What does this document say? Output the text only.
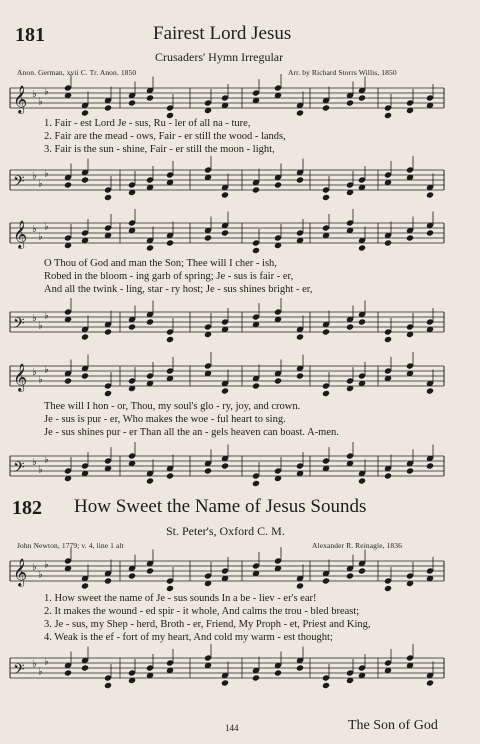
181	Fairest Lord Jesus
Crusaders' Hymn Irregular
Anon. German, xvii C. Tr. Anon. 1850	Arr. by Richard Storrs Willis, 1850
𝄞 ♭
♭
♭
1. Fair - est Lord Je - sus, Ru - ler of all na - ture,
2. Fair are the mead - ows, Fair - er still the wood - lands,
3. Fair is the sun - shine, Fair - er still the moon - light,
𝄢 ♭
♭
♭
𝄞 ♭
♭
♭
O Thou of God and man the Son; Thee will I cher - ish,
Robed in the bloom - ing garb of spring; Je - sus is fair - er,
And all the twink - ling, star - ry host; Je - sus shines bright - er,
𝄢 ♭
♭
♭
𝄞 ♭
♭
♭
Thee will I hon - or, Thou, my soul's glo - ry, joy, and crown.
Je - sus is pur - er, Who makes the woe - ful heart to sing.
Je - sus shines pur - er Than all the an - gels heaven can boast. A-men.
𝄢 ♭
♭
♭
182 How Sweet the Name of Jesus Sounds
St. Peter's, Oxford C. M.
John Newton, 1779; v. 4, line 1 alt	Alexander R. Reinagle, 1836
𝄞 ♭
♭
♭
1. How sweet the name of Je - sus sounds In a be - liev - er's ear!
2. It makes the wound - ed spir - it whole, And calms the trou - bled breast;
3. Je - sus, my Shep - herd, Broth - er, Friend, My Proph - et, Priest and King,
4. Weak is the ef - fort of my heart, And cold my warm - est thought;
𝄢 ♭
♭
♭
144	The Son of God
